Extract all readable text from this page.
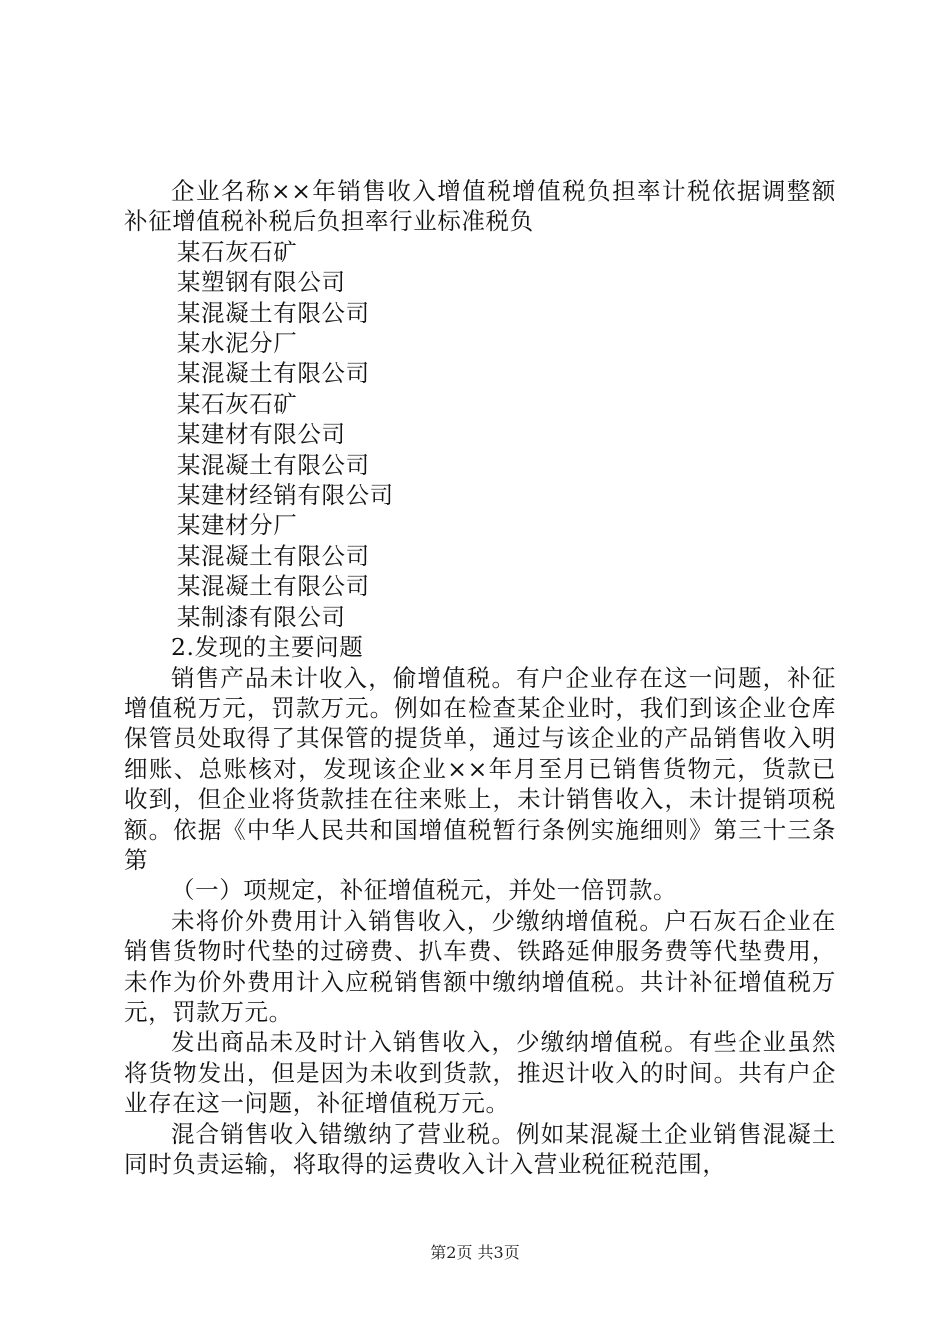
企业名称××年销售收入增值税增值税负担率计税依据调整额补征增值税补税后负担率行业标准税负

某石灰石矿

某塑钢有限公司

某混凝土有限公司

某水泥分厂

某混凝土有限公司

某石灰石矿

某建材有限公司

某混凝土有限公司

某建材经销有限公司

某建材分厂

某混凝土有限公司

某混凝土有限公司

某制漆有限公司

2.发现的主要问题

销售产品未计收入，偷增值税。有户企业存在这一问题，补征增值税万元，罚款万元。例如在检查某企业时，我们到该企业仓库保管员处取得了其保管的提货单，通过与该企业的产品销售收入明细账、总账核对，发现该企业××年月至月已销售货物元，货款已收到，但企业将货款挂在往来账上，未计销售收入，未计提销项税额。依据《中华人民共和国增值税暂行条例实施细则》第三十三条第

（一）项规定，补征增值税元，并处一倍罚款。

未将价外费用计入销售收入，少缴纳增值税。户石灰石企业在销售货物时代垫的过磅费、扒车费、铁路延伸服务费等代垫费用，未作为价外费用计入应税销售额中缴纳增值税。共计补征增值税万元，罚款万元。

发出商品未及时计入销售收入，少缴纳增值税。有些企业虽然将货物发出，但是因为未收到货款，推迟计收入的时间。共有户企业存在这一问题，补征增值税万元。

混合销售收入错缴纳了营业税。例如某混凝土企业销售混凝土同时负责运输，将取得的运费收入计入营业税征税范围，

第2页 共3页
